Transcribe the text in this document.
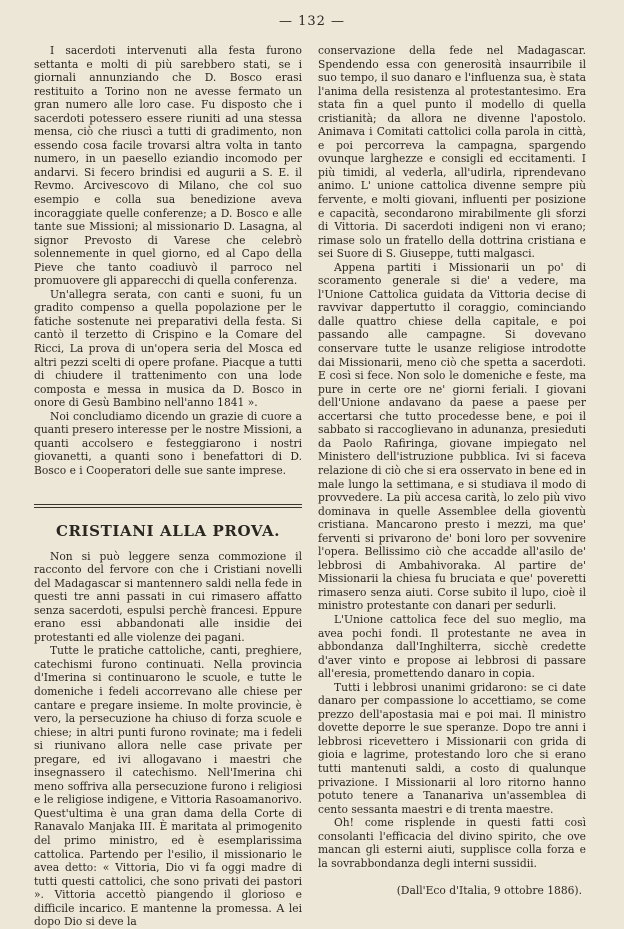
— 132 —

I sacerdoti intervenuti alla festa furono settanta e molti di più sarebbero stati, se i giornali annunziando che D. Bosco erasi restituito a Torino non ne avesse fermato un gran numero alle loro case. Fu disposto che i sacerdoti potessero essere riuniti ad una stessa mensa, ciò che riuscì a tutti di gradimento, non essendo cosa facile trovarsi altra volta in tanto numero, in un paesello eziandio incomodo per andarvi. Si fecero brindisi ed augurii a S. E. il Revmo. Arcivescovo di Milano, che col suo esempio e colla sua benedizione aveva incoraggiate quelle conferenze; a D. Bosco e alle tante sue Missioni; al missionario D. Lasagna, al signor Prevosto di Varese che celebrò solennemente in quel giorno, ed al Capo della Pieve che tanto coadiuvò il parroco nel promuovere gli apparecchi di quella conferenza.

Un'allegra serata, con canti e suoni, fu un gradito compenso a quella popolazione per le fatiche sostenute nei preparativi della festa. Si cantò il terzetto di Crispino e la Comare del Ricci, La prova di un'opera seria del Mosca ed altri pezzi scelti di opere profane. Piacque a tutti di chiudere il trattenimento con una lode composta e messa in musica da D. Bosco in onore di Gesù Bambino nell'anno 1841 ».

Noi concludiamo dicendo un grazie di cuore a quanti presero interesse per le nostre Missioni, a quanti accolsero e festeggiarono i nostri giovanetti, a quanti sono i benefattori di D. Bosco e i Cooperatori delle sue sante imprese.

CRISTIANI ALLA PROVA.

Non si può leggere senza commozione il racconto del fervore con che i Cristiani novelli del Madagascar si mantennero saldi nella fede in questi tre anni passati in cui rimasero affatto senza sacerdoti, espulsi perchè francesi. Eppure erano essi abbandonati alle insidie dei protestanti ed alle violenze dei pagani.

Tutte le pratiche cattoliche, canti, preghiere, catechismi furono continuati. Nella provincia d'Imerina si continuarono le scuole, e tutte le domeniche i fedeli accorrevano alle chiese per cantare e pregare insieme. In molte provincie, è vero, la persecuzione ha chiuso di forza scuole e chiese; in altri punti furono rovinate; ma i fedeli si riunivano allora nelle case private per pregare, ed ivi allogavano i maestri che insegnassero il catechismo. Nell'Imerina chi meno soffriva alla persecuzione furono i religiosi e le religiose indigene, e Vittoria Rasoamanorivo. Quest'ultima è una gran dama della Corte di Ranavalo Manjaka III. È maritata al primogenito del primo ministro, ed è esemplarissima cattolica. Partendo per l'esilio, il missionario le avea detto: « Vittoria, Dio vi fa oggi madre di tutti questi cattolici, che sono privati dei pastori ». Vittoria accettò piangendo il glorioso e difficile incarico. E mantenne la promessa. A lei dopo Dio si deve la

conservazione della fede nel Madagascar. Spendendo essa con generosità insaurribile il suo tempo, il suo danaro e l'influenza sua, è stata l'anima della resistenza al protestantesimo. Era stata fin a quel punto il modello di quella cristianità; da allora ne divenne l'apostolo. Animava i Comitati cattolici colla parola in città, e poi percorreva la campagna, spargendo ovunque larghezze e consigli ed eccitamenti. I più timidi, al vederla, all'udirla, riprendevano animo. L' unione cattolica divenne sempre più fervente, e molti giovani, influenti per posizione e capacità, secondarono mirabilmente gli sforzi di Vittoria. Di sacerdoti indigeni non vi erano; rimase solo un fratello della dottrina cristiana e sei Suore di S. Giuseppe, tutti malgasci.

Appena partiti i Missionarii un po' di scoramento generale si die' a vedere, ma l'Unione Cattolica guidata da Vittoria decise di ravvivar dappertutto il coraggio, cominciando dalle quattro chiese della capitale, e poi passando alle campagne. Si dovevano conservare tutte le usanze religiose introdotte dai Missionarii, meno ciò che spetta a sacerdoti. E così si fece. Non solo le domeniche e feste, ma pure in certe ore ne' giorni feriali. I giovani dell'Unione andavano da paese a paese per accertarsi che tutto procedesse bene, e poi il sabbato si raccoglievano in adunanza, presieduti da Paolo Rafiringa, giovane impiegato nel Ministero dell'istruzione pubblica. Ivi si faceva relazione di ciò che si era osservato in bene ed in male lungo la settimana, e si studiava il modo di provvedere. La più accesa carità, lo zelo più vivo dominava in quelle Assemblee della gioventù cristiana. Mancarono presto i mezzi, ma que' ferventi si privarono de' boni loro per sovvenire l'opera. Bellissimo ciò che accadde all'asilo de' lebbrosi di Ambahivoraka. Al partire de' Missionarii la chiesa fu bruciata e que' poveretti rimasero senza aiuti. Corse subito il lupo, cioè il ministro protestante con danari per sedurli.

L'Unione cattolica fece del suo meglio, ma avea pochi fondi. Il protestante ne avea in abbondanza dall'Inghilterra, sicchè credette d'aver vinto e propose ai lebbrosi di passare all'eresia, promettendo danaro in copia.

Tutti i lebbrosi unanimi gridarono: se ci date danaro per compassione lo accettiamo, se come prezzo dell'apostasia mai e poi mai. Il ministro dovette deporre le sue speranze. Dopo tre anni i lebbrosi ricevettero i Missionarii con grida di gioia e lagrime, protestando loro che si erano tutti mantenuti saldi, a costo di qualunque privazione. I Missionarii al loro ritorno hanno potuto tenere a Tananariva un'assemblea di cento sessanta maestri e di trenta maestre.

Oh! come risplende in questi fatti così consolanti l'efficacia del divino spirito, che ove mancan gli esterni aiuti, supplisce colla forza e la sovrabbondanza degli interni sussidii.

(Dall'Eco d'Italia, 9 ottobre 1886).
